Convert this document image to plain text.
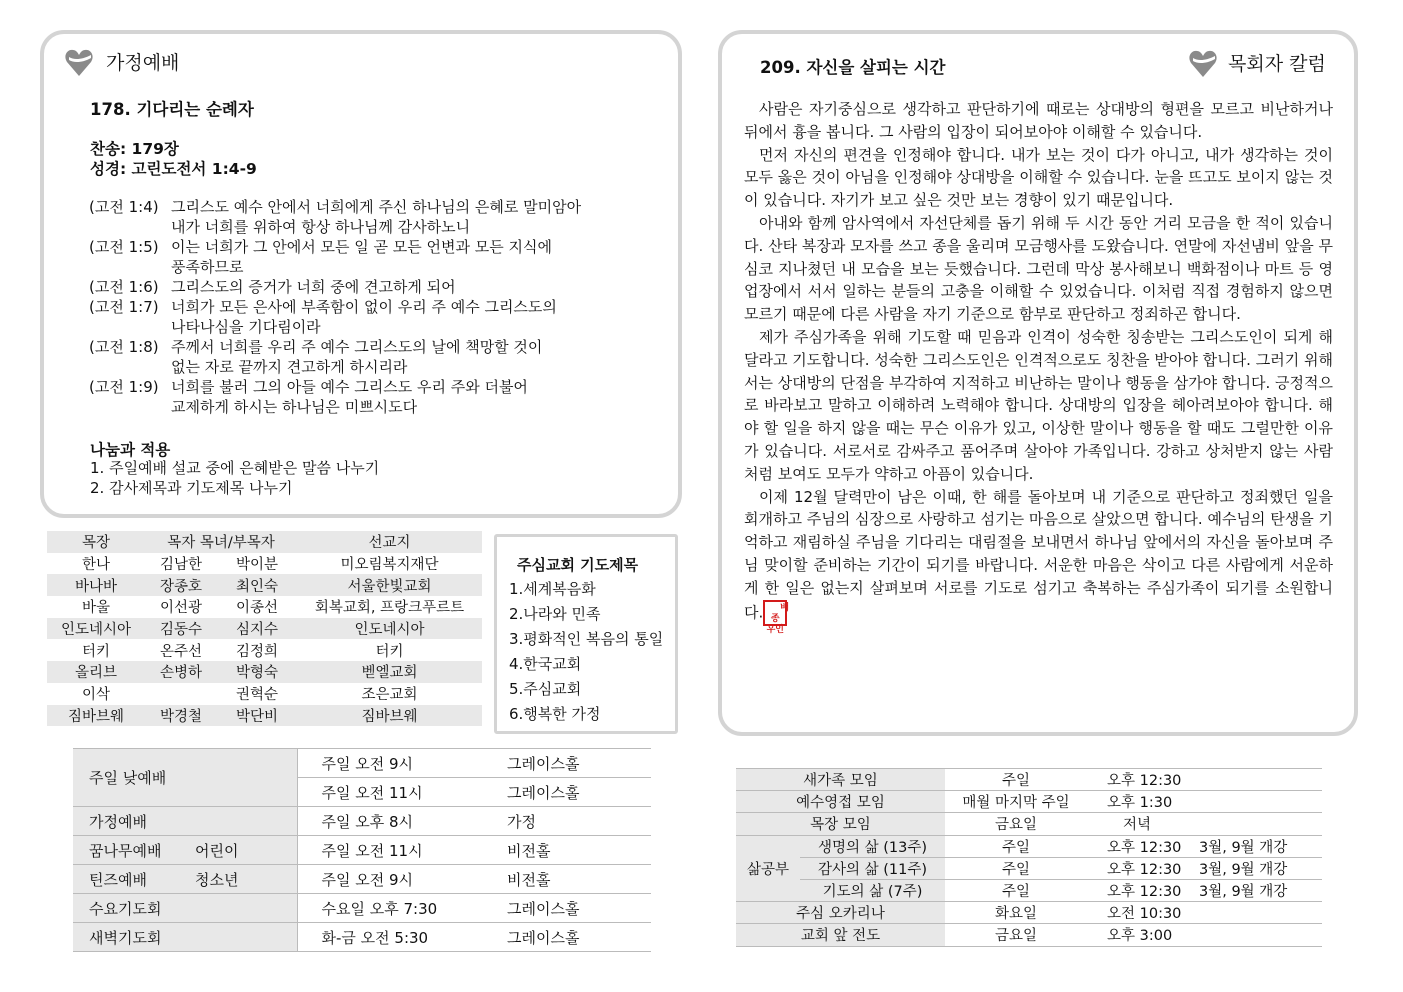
가정예배
178. 기다리는 순례자
찬송: 179장
성경: 고린도전서 1:4-9
(고전 1:4) 그리스도 예수 안에서 너희에게 주신 하나님의 은혜로 말미암아
내가 너희를 위하여 항상 하나님께 감사하노니
(고전 1:5) 이는 너희가 그 안에서 모든 일 곧 모든 언변과 모든 지식에
풍족하므로
(고전 1:6) 그리스도의 증거가 너희 중에 견고하게 되어
(고전 1:7) 너희가 모든 은사에 부족함이 없이 우리 주 예수 그리스도의
나타나심을 기다림이라
(고전 1:8) 주께서 너희를 우리 주 예수 그리스도의 날에 책망할 것이
없는 자로 끝까지 견고하게 하시리라
(고전 1:9) 너희를 불러 그의 아들 예수 그리스도 우리 주와 더불어
교제하게 하시는 하나님은 미쁘시도다
나눔과 적용
1. 주일예배 설교 중에 은혜받은 말씀 나누기
2. 감사제목과 기도제목 나누기
목장	목자 목녀/부목자		선교지
한나	김남한	박이분	미오림복지재단
바나바	장종호	최인숙	서울한빛교회
바울	이선광	이종선	회복교회, 프랑크푸르트
인도네시아	김동수	심지수	인도네시아
터키	온주선	김정희	터키
올리브	손병하	박형숙	벧엘교회
이삭		권혁순	조은교회
짐바브웨	박경철	박단비	짐바브웨
주심교회 기도제목
1.세계복음화
2.나라와 민족
3.평화적인 복음의 통일
4.한국교회
5.주심교회
6.행복한 가정
주일 낮예배		주일 오전 9시	그레이스홀
		주일 오전 11시	그레이스홀
가정예배		주일 오후 8시	가정
꿈나무예배	어린이	주일 오전 11시	비전홀
틴즈예배	청소년	주일 오전 9시	비전홀
수요기도회		수요일 오후 7:30	그레이스홀
새벽기도회		화-금 오전 5:30	그레이스홀
209. 자신을 살피는 시간	목회자 칼럼

사람은 자기중심으로 생각하고 판단하기에 때로는 상대방의 형편을 모르고 비난하거나 뒤에서 흉을 봅니다. 그 사람의 입장이 되어보아야 이해할 수 있습니다.

먼저 자신의 편견을 인정해야 합니다. 내가 보는 것이 다가 아니고, 내가 생각하는 것이 모두 옳은 것이 아님을 인정해야 상대방을 이해할 수 있습니다. 눈을 뜨고도 보이지 않는 것이 있습니다. 자기가 보고 싶은 것만 보는 경향이 있기 때문입니다.

아내와 함께 암사역에서 자선단체를 돕기 위해 두 시간 동안 거리 모금을 한 적이 있습니다. 산타 복장과 모자를 쓰고 종을 울리며 모금행사를 도왔습니다. 연말에 자선냄비 앞을 무심코 지나쳤던 내 모습을 보는 듯했습니다. 그런데 막상 봉사해보니 백화점이나 마트 등 영업장에서 서서 일하는 분들의 고충을 이해할 수 있었습니다. 이처럼 직접 경험하지 않으면 모르기 때문에 다른 사람을 자기 기준으로 함부로 판단하고 정죄하곤 합니다.

제가 주심가족을 위해 기도할 때 믿음과 인격이 성숙한 칭송받는 그리스도인이 되게 해달라고 기도합니다. 성숙한 그리스도인은 인격적으로도 칭찬을 받아야 합니다. 그러기 위해서는 상대방의 단점을 부각하여 지적하고 비난하는 말이나 행동을 삼가야 합니다. 긍정적으로 바라보고 말하고 이해하려 노력해야 합니다. 상대방의 입장을 헤아려보아야 합니다. 해야 할 일을 하지 않을 때는 무슨 이유가 있고, 이상한 말이나 행동을 할 때도 그럴만한 이유가 있습니다. 서로서로 감싸주고 품어주며 살아야 가족입니다. 강하고 상처받지 않는 사람처럼 보여도 모두가 약하고 아픔이 있습니다.

이제 12월 달력만이 남은 이때, 한 해를 돌아보며 내 기준으로 판단하고 정죄했던 일을 회개하고 주님의 심장으로 사랑하고 섬기는 마음으로 살았으면 합니다. 예수님의 탄생을 기억하고 재림하실 주님을 기다리는 대림절을 보내면서 하나님 앞에서의 자신을 돌아보며 주님 맞이할 준비하는 기간이 되기를 바랍니다. 서운한 마음은 삭이고 다른 사람에게 서운하게 한 일은 없는지 살펴보며 서로를 기도로 섬기고 축복하는 주심가족이 되기를 소원합니다. 배종
우인

새가족 모임		주일	오후 12:30	
예수영접 모임		매월 마지막 주일	오후 1:30	
목장 모임		금요일	저녁	
삶공부	생명의 삶 (13주)	주일	오후 12:30	3월, 9월 개강
	감사의 삶 (11주)	주일	오후 12:30	3월, 9월 개강
	기도의 삶 (7주)	주일	오후 12:30	3월, 9월 개강
주심 오카리나		화요일	오전 10:30	
교회 앞 전도		금요일	오후 3:00	
